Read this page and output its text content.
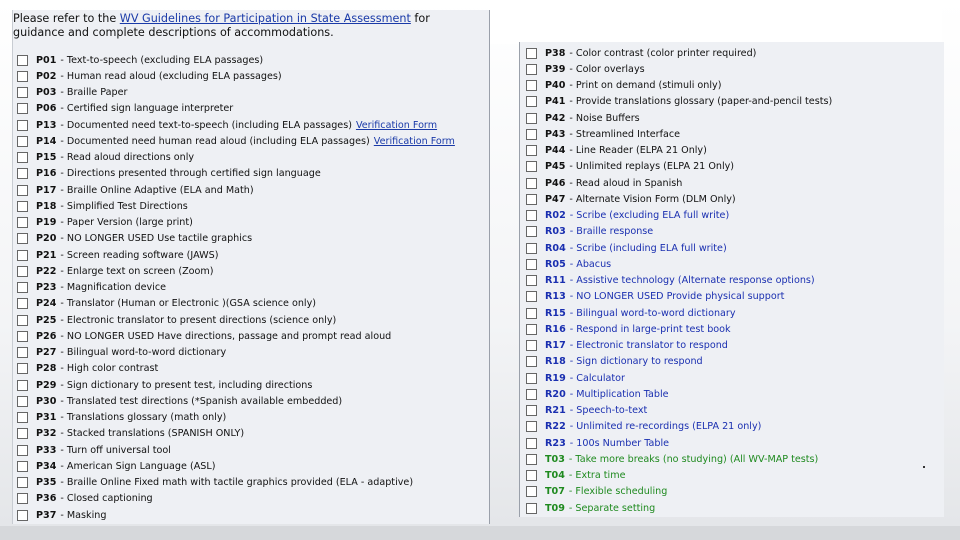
Please refer to the WV Guidelines for Participation in State Assessment for guidance and complete descriptions of accommodations.
P01 - Text-to-speech (excluding ELA passages)
P02 - Human read aloud (excluding ELA passages)
P03 - Braille Paper
P06 - Certified sign language interpreter
P13 - Documented need text-to-speech (including ELA passages) Verification Form
P14 - Documented need human read aloud (including ELA passages) Verification Form
P15 - Read aloud directions only
P16 - Directions presented through certified sign language
P17 - Braille Online Adaptive (ELA and Math)
P18 - Simplified Test Directions
P19 - Paper Version (large print)
P20 - NO LONGER USED Use tactile graphics
P21 - Screen reading software (JAWS)
P22 - Enlarge text on screen (Zoom)
P23 - Magnification device
P24 - Translator (Human or Electronic )(GSA science only)
P25 - Electronic translator to present directions (science only)
P26 - NO LONGER USED Have directions, passage and prompt read aloud
P27 - Bilingual word-to-word dictionary
P28 - High color contrast
P29 - Sign dictionary to present test, including directions
P30 - Translated test directions (*Spanish available embedded)
P31 - Translations glossary (math only)
P32 - Stacked translations (SPANISH ONLY)
P33 - Turn off universal tool
P34 - American Sign Language (ASL)
P35 - Braille Online Fixed math with tactile graphics provided (ELA - adaptive)
P36 - Closed captioning
P37 - Masking
P38 - Color contrast (color printer required)
P39 - Color overlays
P40 - Print on demand (stimuli only)
P41 - Provide translations glossary (paper-and-pencil tests)
P42 - Noise Buffers
P43 - Streamlined Interface
P44 - Line Reader (ELPA 21 Only)
P45 - Unlimited replays (ELPA 21 Only)
P46 - Read aloud in Spanish
P47 - Alternate Vision Form (DLM Only)
R02 - Scribe (excluding ELA full write)
R03 - Braille response
R04 - Scribe (including ELA full write)
R05 - Abacus
R11 - Assistive technology (Alternate response options)
R13 - NO LONGER USED Provide physical support
R15 - Bilingual word-to-word dictionary
R16 - Respond in large-print test book
R17 - Electronic translator to respond
R18 - Sign dictionary to respond
R19 - Calculator
R20 - Multiplication Table
R21 - Speech-to-text
R22 - Unlimited re-recordings (ELPA 21 only)
R23 - 100s Number Table
T03 - Take more breaks (no studying) (All WV-MAP tests)
T04 - Extra time
T07 - Flexible scheduling
T09 - Separate setting
